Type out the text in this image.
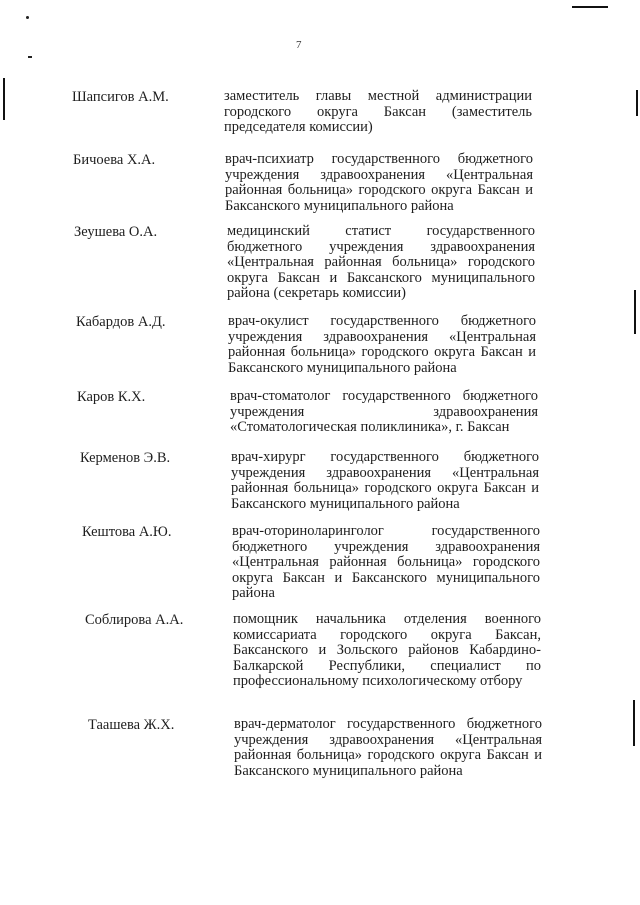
7
Шапсигов А.М.	заместитель главы местной администрации городского округа Баксан (заместитель председателя комиссии)
Бичоева Х.А.	врач-психиатр государственного бюджетного учреждения здравоохранения «Центральная районная больница» городского округа Баксан и Баксанского муниципального района
Зеушева О.А.	медицинский статист государственного бюджетного учреждения здравоохранения «Центральная районная больница» городского округа Баксан и Баксанского муниципального района (секретарь комиссии)
Кабардов А.Д.	врач-окулист государственного бюджетного учреждения здравоохранения «Центральная районная больница» городского округа Баксан и Баксанского муниципального района
Каров К.Х.	врач-стоматолог государственного бюджетного учреждения здравоохранения «Стоматологическая поликлиника», г. Баксан
Керменов Э.В.	врач-хирург государственного бюджетного учреждения здравоохранения «Центральная районная больница» городского округа Баксан и Баксанского муниципального района
Кештова А.Ю.	врач-оториноларинголог государственного бюджетного учреждения здравоохранения «Центральная районная больница» городского округа Баксан и Баксанского муниципального района
Соблирова А.А.	помощник начальника отделения военного комиссариата городского округа Баксан, Баксанского и Зольского районов Кабардино-Балкарской Республики, специалист по профессиональному психологическому отбору
Таашева Ж.Х.	врач-дерматолог государственного бюджетного учреждения здравоохранения «Центральная районная больница» городского округа Баксан и Баксанского муниципального района
